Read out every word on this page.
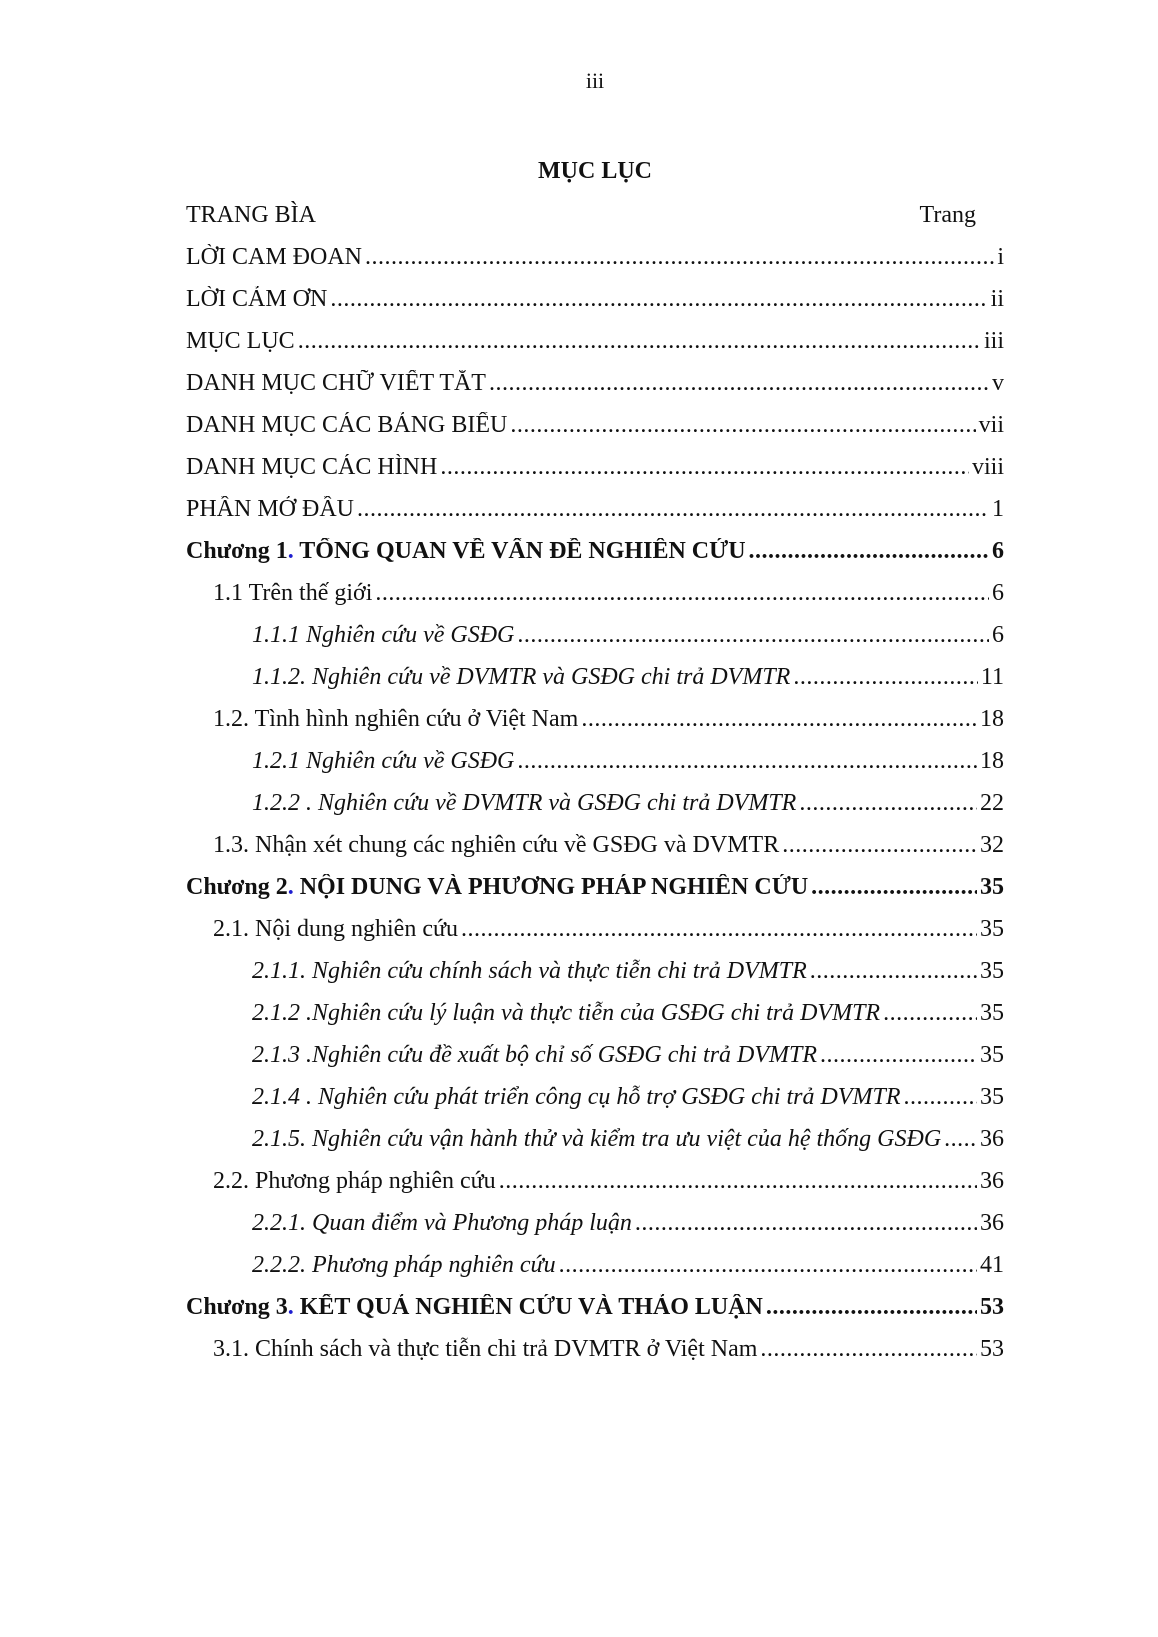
iii
MỤC LỤC
TRANG BÌA	Trang
LỜI CAM ĐOAN .....	i
LỜI CẢM ƠN .....	ii
MỤC LỤC .....	iii
DANH MỤC CHỮ VIẾT TẮT .....	v
DANH MỤC CÁC BẢNG BIỂU .....	vii
DANH MỤC CÁC HÌNH .....	viii
PHẦN MỞ ĐẦU .....	1
Chương 1. TỔNG QUAN VỀ VẤN ĐỀ NGHIÊN CỨU .....	6
1.1 Trên thế giới .....	6
1.1.1 Nghiên cứu về GSĐG .....	6
1.1.2. Nghiên cứu về DVMTR và GSĐG chi trả DVMTR .....	11
1.2. Tình hình nghiên cứu ở Việt Nam .....	18
1.2.1 Nghiên cứu về GSĐG .....	18
1.2.2 . Nghiên cứu về DVMTR và GSĐG chi trả DVMTR .....	22
1.3. Nhận xét chung các nghiên cứu về GSĐG và DVMTR .....	32
Chương 2. NỘI DUNG VÀ PHƯƠNG PHÁP NGHIÊN CỨU .....	35
2.1. Nội dung nghiên cứu .....	35
2.1.1. Nghiên cứu chính sách và thực tiễn chi trả DVMTR .....	35
2.1.2 .Nghiên cứu lý luận và thực tiễn của GSĐG chi trả DVMTR .....	35
2.1.3 .Nghiên cứu đề xuất bộ chỉ số GSĐG chi trả DVMTR .....	35
2.1.4 . Nghiên cứu phát triển công cụ hỗ trợ GSĐG chi trả DVMTR .....	35
2.1.5. Nghiên cứu vận hành thử và kiểm tra ưu việt của hệ thống GSĐG ..... 36
2.2. Phương pháp nghiên cứu .....	36
2.2.1. Quan điểm và Phương pháp luận .....	36
2.2.2. Phương pháp nghiên cứu .....	41
Chương 3. KẾT QUẢ NGHIÊN CỨU VÀ THẢO LUẬN .....	53
3.1. Chính sách và thực tiễn chi trả DVMTR ở Việt Nam .....	53
